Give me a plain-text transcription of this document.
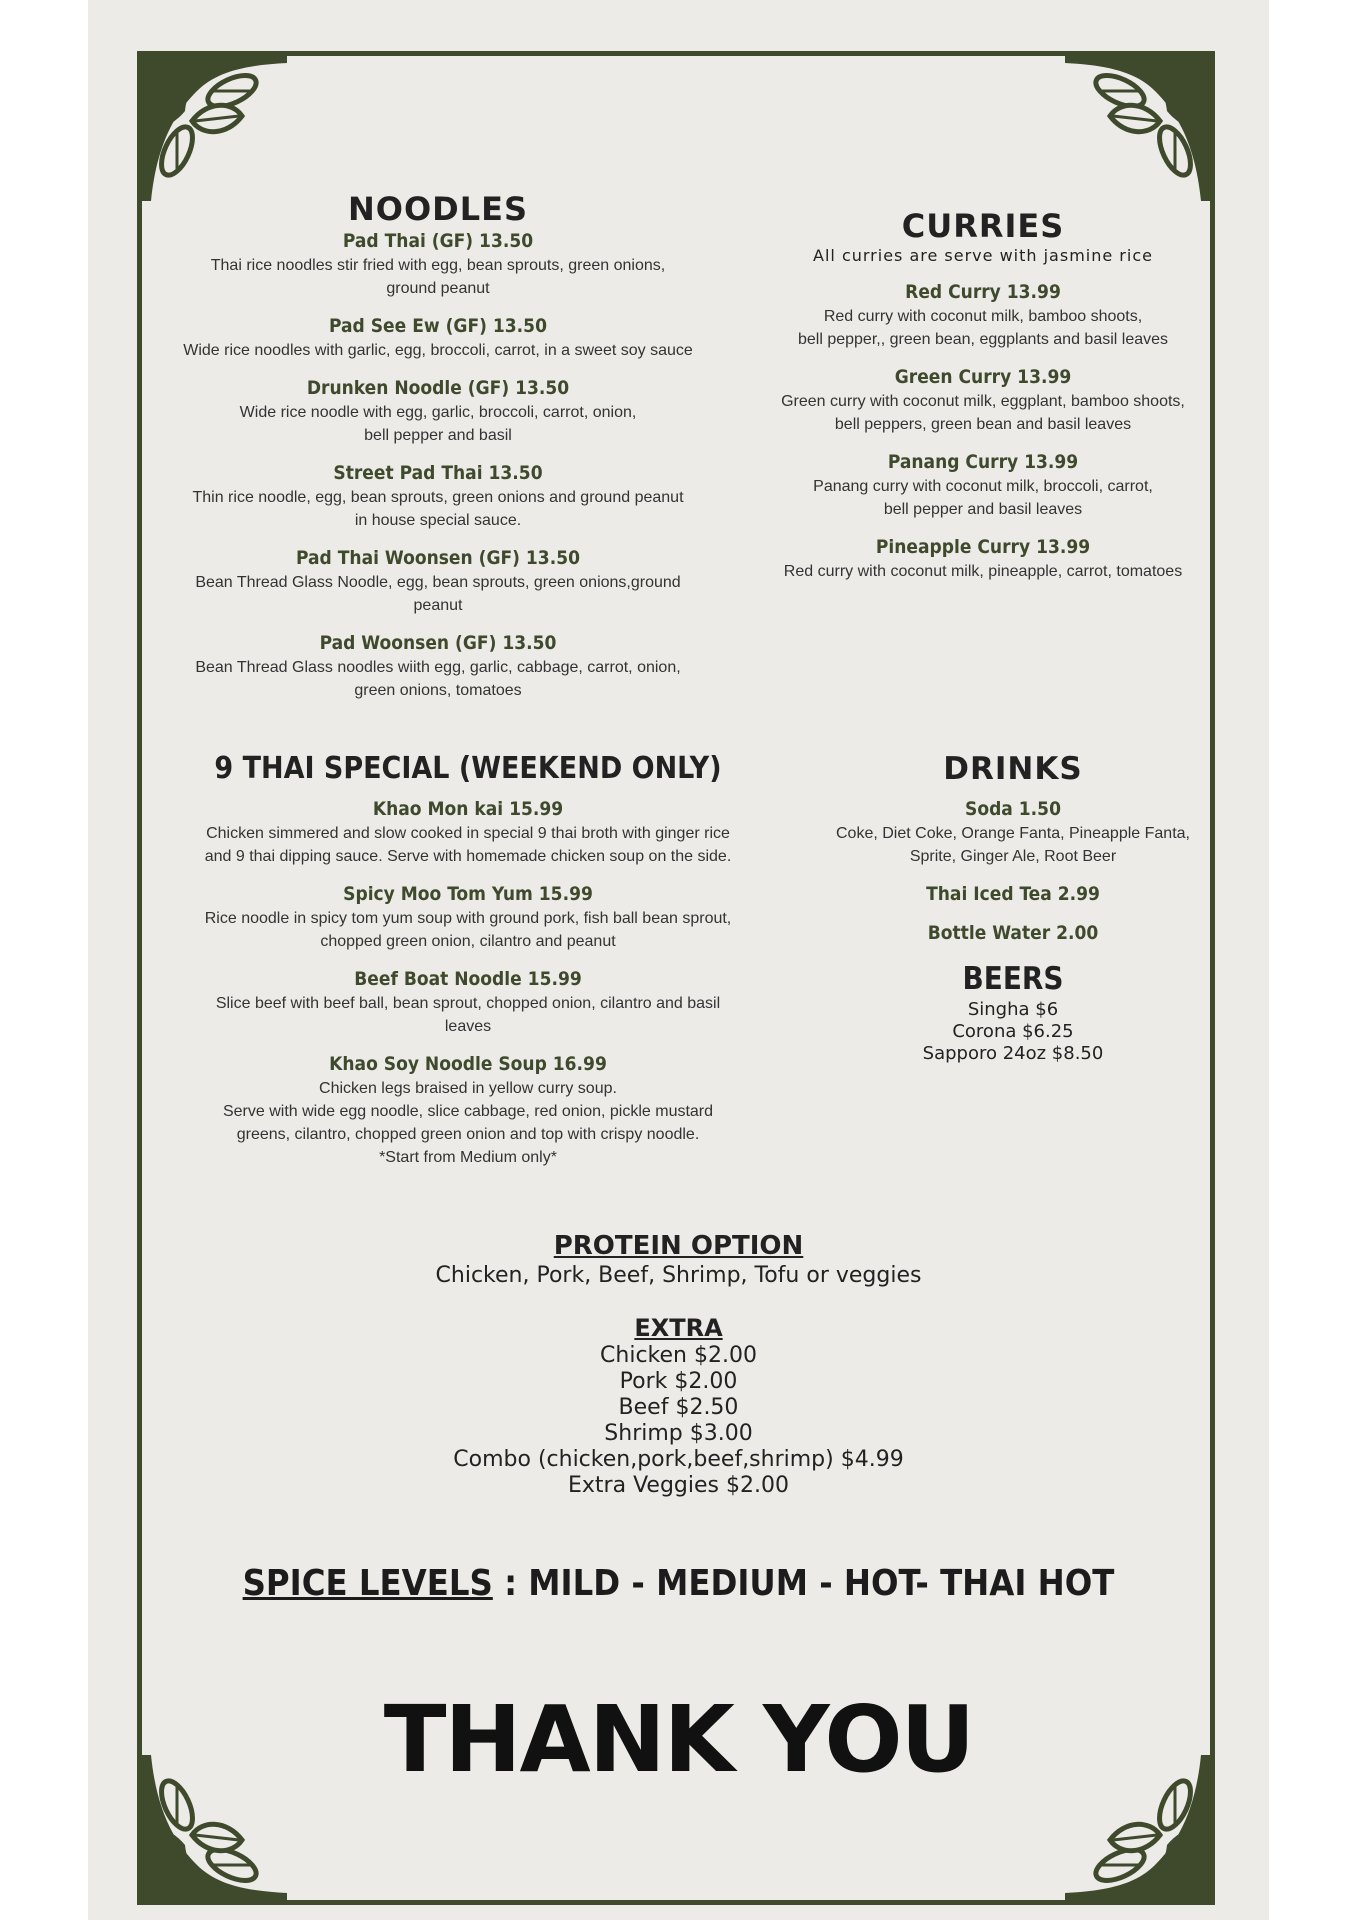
NOODLES
Pad Thai (GF) 13.50
Thai rice noodles stir fried with egg, bean sprouts, green onions,
ground peanut
Pad See Ew (GF) 13.50
Wide rice noodles with garlic, egg, broccoli, carrot, in a sweet soy sauce
Drunken Noodle (GF) 13.50
Wide rice noodle with egg, garlic, broccoli, carrot, onion,
bell pepper and basil
Street Pad Thai 13.50
Thin rice noodle, egg, bean sprouts, green onions and ground peanut
in house special sauce.
Pad Thai Woonsen (GF) 13.50
Bean Thread Glass Noodle, egg, bean sprouts, green onions,ground
peanut
Pad Woonsen (GF) 13.50
Bean Thread Glass noodles wiith egg, garlic, cabbage, carrot, onion,
green onions, tomatoes
CURRIES
All curries are serve with jasmine rice
Red Curry 13.99
Red curry with coconut milk, bamboo shoots,
bell pepper,, green bean, eggplants and basil leaves
Green Curry 13.99
Green curry with coconut milk, eggplant, bamboo shoots,
bell peppers, green bean and basil leaves
Panang Curry 13.99
Panang curry with coconut milk, broccoli, carrot,
bell pepper and basil leaves
Pineapple Curry 13.99
Red curry with coconut milk, pineapple, carrot, tomatoes
9 THAI SPECIAL (WEEKEND ONLY)
Khao Mon kai 15.99
Chicken simmered and slow cooked in special 9 thai broth with ginger rice
and 9 thai dipping sauce. Serve with homemade chicken soup on the side.
Spicy Moo Tom Yum 15.99
Rice noodle in spicy tom yum soup with ground pork, fish ball bean sprout,
chopped green onion, cilantro and peanut
Beef Boat Noodle 15.99
Slice beef with beef ball, bean sprout, chopped onion, cilantro and basil
leaves
Khao Soy Noodle Soup 16.99
Chicken legs braised in yellow curry soup.
Serve with wide egg noodle, slice cabbage, red onion, pickle mustard
greens, cilantro, chopped green onion and top with crispy noodle.
*Start from Medium only*
DRINKS
Soda 1.50
Coke, Diet Coke, Orange Fanta, Pineapple Fanta,
Sprite, Ginger Ale, Root Beer
Thai Iced Tea 2.99
Bottle Water 2.00
BEERS
Singha $6
Corona $6.25
Sapporo 24oz $8.50
PROTEIN OPTION
Chicken, Pork, Beef, Shrimp, Tofu or veggies
EXTRA
Chicken $2.00
Pork $2.00
Beef $2.50
Shrimp $3.00
Combo (chicken,pork,beef,shrimp) $4.99
Extra Veggies $2.00
SPICE LEVELS : MILD - MEDIUM - HOT- THAI HOT
THANK YOU
